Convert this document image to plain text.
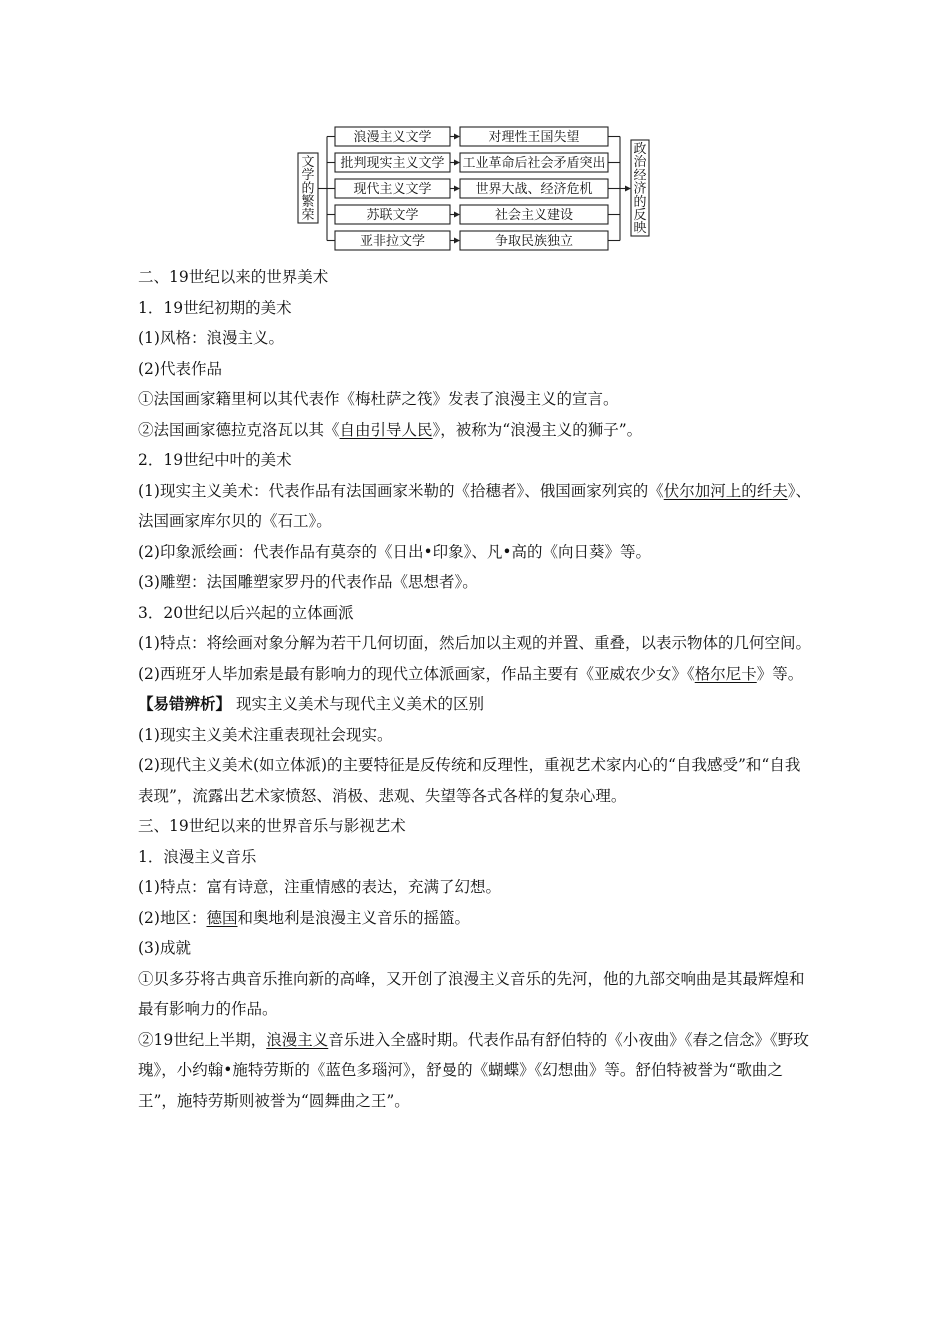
文
学
的
繁
荣
政
治
经
济
的
反
映
浪漫主义文学	对理性王国失望
批判现实主义文学 工业革命后社会矛盾突出
现代主义文学	世界大战、经济危机
苏联文学	社会主义建设
亚非拉文学	争取民族独立

二、19世纪以来的世界美术

1．19世纪初期的美术

(1)风格：浪漫主义。

(2)代表作品

①法国画家籍里柯以其代表作《梅杜萨之筏》发表了浪漫主义的宣言。

②法国画家德拉克洛瓦以其《自由引导人民》，被称为“浪漫主义的狮子”。

2．19世纪中叶的美术

(1)现实主义美术：代表作品有法国画家米勒的《拾穗者》、俄国画家列宾的《伏尔加河上的纤夫》、法国画家库尔贝的《石工》。

(2)印象派绘画：代表作品有莫奈的《日出•印象》、凡•高的《向日葵》等。

(3)雕塑：法国雕塑家罗丹的代表作品《思想者》。

3．20世纪以后兴起的立体画派

(1)特点：将绘画对象分解为若干几何切面，然后加以主观的并置、重叠，以表示物体的几何空间。

(2)西班牙人毕加索是最有影响力的现代立体派画家，作品主要有《亚威农少女》《格尔尼卡》等。

【易错辨析】 现实主义美术与现代主义美术的区别

(1)现实主义美术注重表现社会现实。

(2)现代主义美术(如立体派)的主要特征是反传统和反理性，重视艺术家内心的“自我感受”和“自我表现”，流露出艺术家愤怒、消极、悲观、失望等各式各样的复杂心理。

三、19世纪以来的世界音乐与影视艺术

1．浪漫主义音乐

(1)特点：富有诗意，注重情感的表达，充满了幻想。

(2)地区：德国和奥地利是浪漫主义音乐的摇篮。

(3)成就

①贝多芬将古典音乐推向新的高峰，又开创了浪漫主义音乐的先河，他的九部交响曲是其最辉煌和最有影响力的作品。

②19世纪上半期，浪漫主义音乐进入全盛时期。代表作品有舒伯特的《小夜曲》《春之信念》《野玫瑰》，小约翰•施特劳斯的《蓝色多瑙河》，舒曼的《蝴蝶》《幻想曲》等。舒伯特被誉为“歌曲之王”，施特劳斯则被誉为“圆舞曲之王”。
